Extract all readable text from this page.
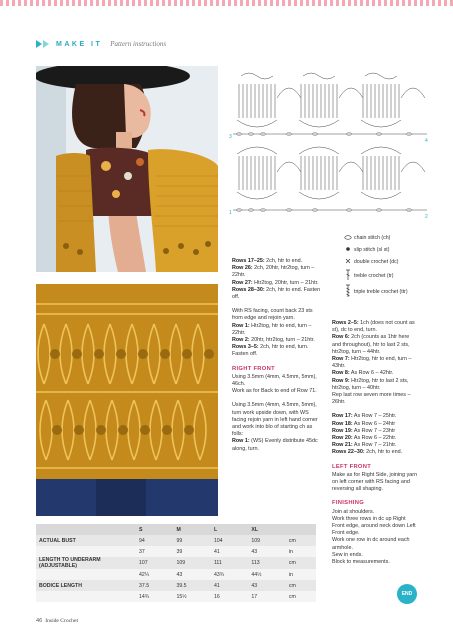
MAKE IT Pattern instructions
1
3
2
4
chain stitch (ch)
slip stitch (sl st)
double crochet (dc)
treble crochet (tr)
triple treble crochet (ttr)

Rows 17–25: 2ch, htr to end.
Row 26: 2ch, 20htr, htr2tog, turn – 22htr.
Row 27: Htr2tog, 20htr, turn – 21htr.
Rows 28–30: 2ch, htr to end. Fasten off.

With RS facing, count back 23 sts from edge and rejoin yarn.
Row 1: Htr2tog, htr to end, turn – 22htr.
Row 2: 20htr, htr2tog, turn – 21htr.
Rows 3–5: 2ch, htr to end, turn. Fasten off.

RIGHT FRONT

Using 3.5mm (4mm, 4.5mm, 5mm), 46ch.
Work as for Back to end of Row 71.

Using 3.5mm (4mm, 4.5mm, 5mm), turn work upside down, with WS facing rejoin yarn in left hand corner and work into blo of starting ch as folls:
Row 1: (WS) Evenly distribute 45dc along, turn.

Rows 2–5: 1ch (does not count as st), dc to end, turn.
Row 6: 2ch (counts as 1htr here and throughout), htr to last 2 sts, htr2tog, turn – 44htr.
Row 7: Htr2tog, htr to end, turn – 43htr.
Row 8: As Row 6 – 42htr.
Row 9: Htr2tog, htr to last 2 sts, htr2tog, turn – 40htr.
Rep last row seven more times – 26htr.

Row 17: As Row 7 – 25htr.
Row 18: As Row 6 – 24htr
Row 19: As Row 7 – 23htr
Row 20: As Row 6 – 22htr.
Row 21: As Row 7 – 21htr.
Rows 22–30: 2ch, htr to end.

LEFT FRONT

Make as for Right Side, joining yarn on left corner with RS facing and reversing all shaping.

FINISHING

Join at shoulders.
Work three rows in dc up Right Front edge, around neck down Left Front edge.
Work one row in dc around each armhole.
Sew in ends.
Block to measurements.

	S	M	L	XL	
ACTUAL BUST	94	99	104	109	cm
	37	39	41	43	in
LENGTH TO UNDERARM (ADJUSTABLE)	107	109	111	113	cm
	42¼	43	43¾	44½	in
BODICE LENGTH	37.5	39.5	41	43	cm
	14¾	15½	16	17	cm	END
46 Inside Crochet
